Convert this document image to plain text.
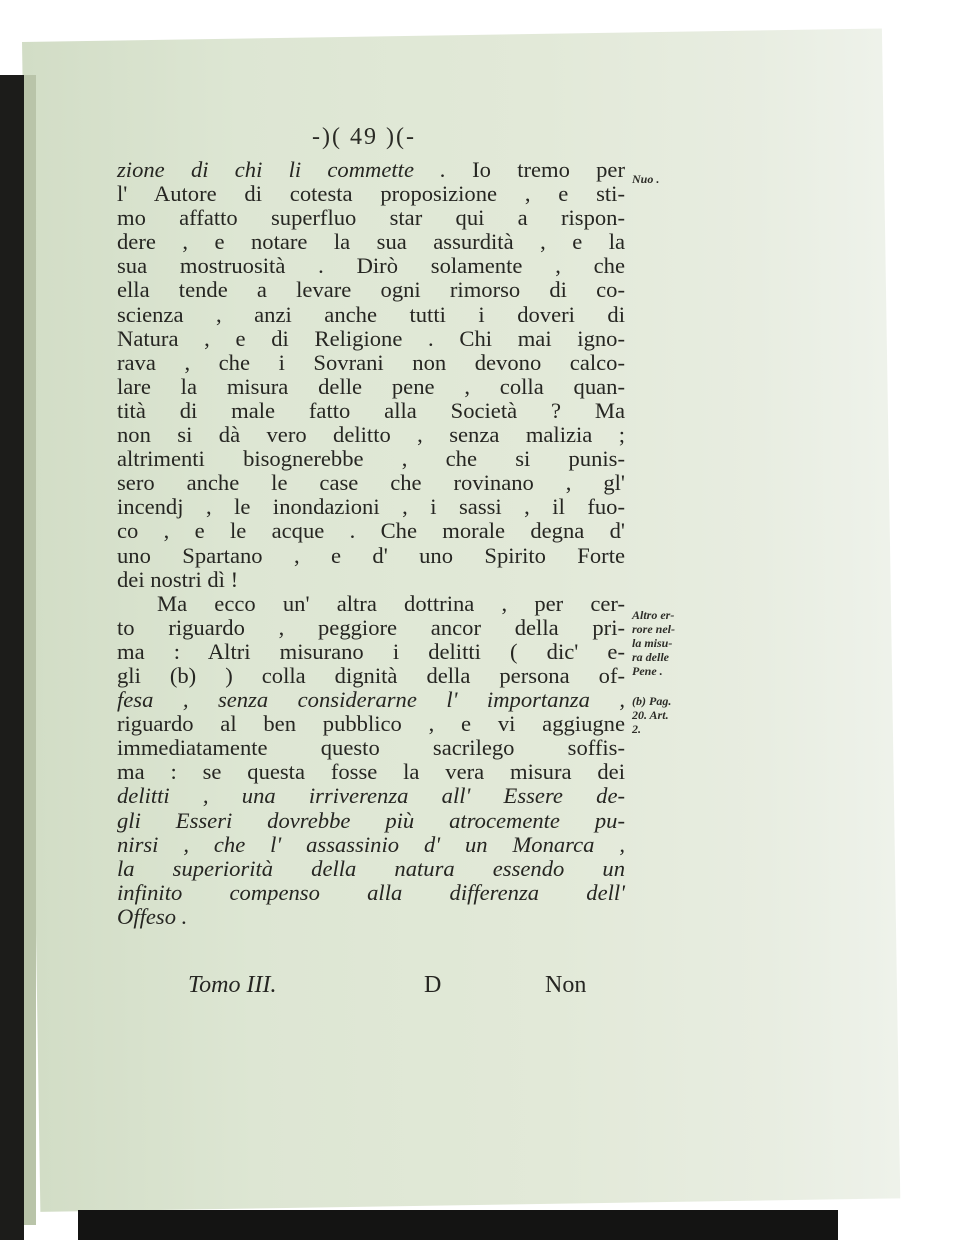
-)( 49 )(-
zione di chi li commette . Io tremo per
l' Autore di cotesta proposizione , e sti-
mo affatto superfluo star qui a rispon-
dere , e notare la sua assurdità , e la
sua mostruosità . Dirò solamente , che
ella tende a levare ogni rimorso di co-
scienza , anzi anche tutti i doveri di
Natura , e di Religione . Chi mai igno-
rava , che i Sovrani non devono calco-
lare la misura delle pene , colla quan-
tità di male fatto alla Società ? Ma
non si dà vero delitto , senza malizia ;
altrimenti bisognerebbe , che si punis-
sero anche le case che rovinano , gl'
incendj , le inondazioni , i sassi , il fuo-
co , e le acque . Che morale degna d'
uno Spartano , e d' uno Spirito Forte
dei nostri dì !
Ma ecco un' altra dottrina , per cer-
to riguardo , peggiore ancor della pri-
ma : Altri misurano i delitti ( dic' e-
gli (b) ) colla dignità della persona of-
fesa , senza considerarne l' importanza ,
riguardo al ben pubblico , e vi aggiugne
immediatamente questo sacrilego soffis-
ma : se questa fosse la vera misura dei
delitti , una irriverenza all' Essere de-
gli Esseri dovrebbe più atrocemente pu-
nirsi , che l' assassinio d' un Monarca ,
la superiorità della natura essendo un
infinito compenso alla differenza dell'
Offeso .
Nuo .
Altro er-
rore nel-
la misu-
ra delle
Pene .
(b) Pag.
20. Art.
2.
Tomo III.	D	Non
